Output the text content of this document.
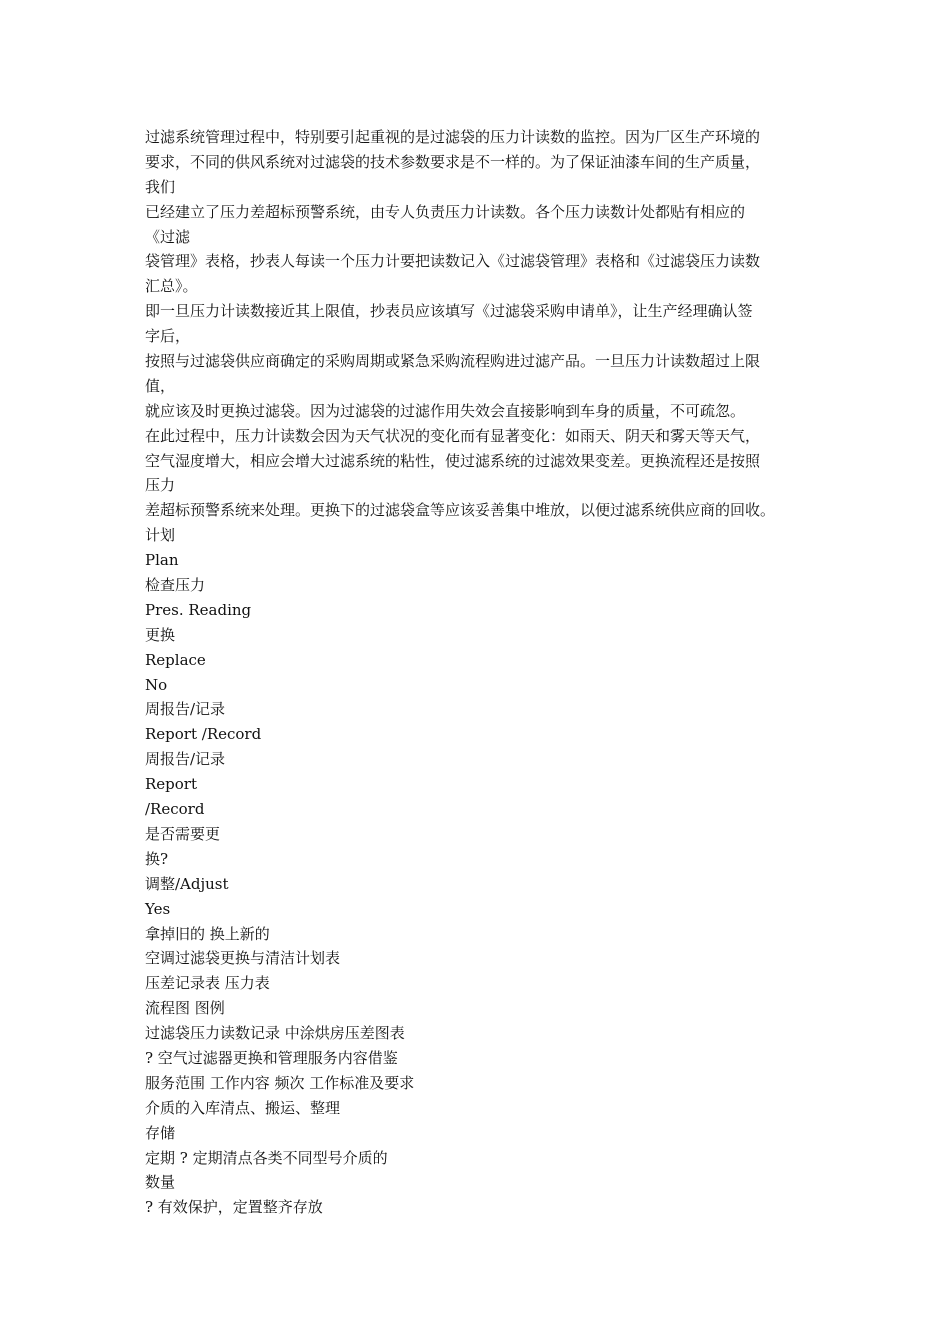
过滤系统管理过程中，特别要引起重视的是过滤袋的压力计读数的监控。因为厂区生产环境的
要求，不同的供风系统对过滤袋的技术参数要求是不一样的。为了保证油漆车间的生产质量，
我们
已经建立了压力差超标预警系统，由专人负责压力计读数。各个压力读数计处都贴有相应的
《过滤
袋管理》表格，抄表人每读一个压力计要把读数记入《过滤袋管理》表格和《过滤袋压力读数
汇总》。
即一旦压力计读数接近其上限值，抄表员应该填写《过滤袋采购申请单》，让生产经理确认签
字后，
按照与过滤袋供应商确定的采购周期或紧急采购流程购进过滤产品。一旦压力计读数超过上限
值，
就应该及时更换过滤袋。因为过滤袋的过滤作用失效会直接影响到车身的质量，不可疏忽。
在此过程中，压力计读数会因为天气状况的变化而有显著变化：如雨天、阴天和雾天等天气，
空气湿度增大，相应会增大过滤系统的粘性，使过滤系统的过滤效果变差。更换流程还是按照
压力
差超标预警系统来处理。更换下的过滤袋盒等应该妥善集中堆放，以便过滤系统供应商的回收。
计划
Plan
检查压力
Pres. Reading
更换
Replace
No
周报告/记录
Report /Record
周报告/记录
Report
/Record
是否需要更
换?
调整/Adjust
Yes
拿掉旧的 换上新的
空调过滤袋更换与清洁计划表
压差记录表 压力表
流程图 图例
过滤袋压力读数记录 中涂烘房压差图表
? 空气过滤器更换和管理服务内容借鉴
服务范围 工作内容 频次 工作标准及要求
介质的入库清点、搬运、整理
存储
定期 ? 定期清点各类不同型号介质的
数量
? 有效保护，定置整齐存放
